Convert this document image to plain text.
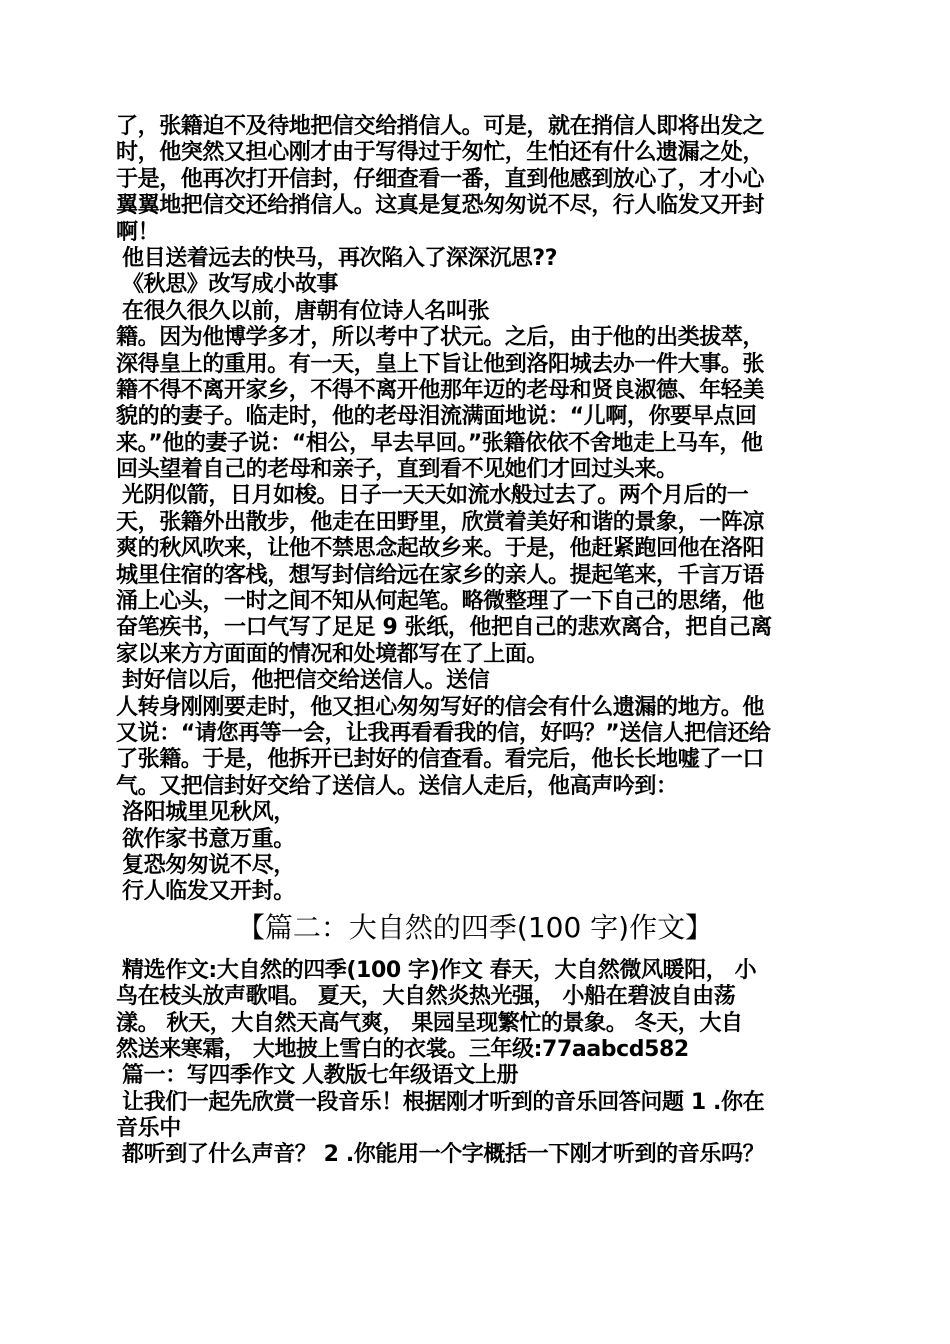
了，张籍迫不及待地把信交给捎信人。可是，就在捎信人即将出发之
时，他突然又担心刚才由于写得过于匆忙，生怕还有什么遗漏之处，
于是，他再次打开信封，仔细查看一番，直到他感到放心了，才小心
翼翼地把信交还给捎信人。这真是复恐匆匆说不尽，行人临发又开封
啊！
他目送着远去的快马，再次陷入了深深沉思??
《秋思》改写成小故事
在很久很久以前，唐朝有位诗人名叫张
籍。因为他博学多才，所以考中了状元。之后，由于他的出类拔萃，
深得皇上的重用。有一天，皇上下旨让他到洛阳城去办一件大事。张
籍不得不离开家乡，不得不离开他那年迈的老母和贤良淑德、年轻美
貌的的妻子。临走时，他的老母泪流满面地说：“儿啊，你要早点回
来。”他的妻子说：“相公，早去早回。”张籍依依不舍地走上马车，他
回头望着自己的老母和亲子，直到看不见她们才回过头来。
光阴似箭，日月如梭。日子一天天如流水般过去了。两个月后的一
天，张籍外出散步，他走在田野里，欣赏着美好和谐的景象，一阵凉
爽的秋风吹来，让他不禁思念起故乡来。于是，他赶紧跑回他在洛阳
城里住宿的客栈，想写封信给远在家乡的亲人。提起笔来，千言万语
涌上心头，一时之间不知从何起笔。略微整理了一下自己的思绪，他
奋笔疾书，一口气写了足足 9 张纸，他把自己的悲欢离合，把自己离
家以来方方面面的情况和处境都写在了上面。
封好信以后，他把信交给送信人。送信
人转身刚刚要走时，他又担心匆匆写好的信会有什么遗漏的地方。他
又说：“请您再等一会，让我再看看我的信，好吗？”送信人把信还给
了张籍。于是，他拆开已封好的信查看。看完后，他长长地嘘了一口
气。又把信封好交给了送信人。送信人走后，他高声吟到：
洛阳城里见秋风，
欲作家书意万重。
复恐匆匆说不尽，
行人临发又开封。
【篇二：大自然的四季(100 字)作文】
精选作文:大自然的四季(100 字)作文 春天，大自然微风暖阳， 小
鸟在枝头放声歌唱。 夏天，大自然炎热光强， 小船在碧波自由荡
漾。 秋天，大自然天高气爽， 果园呈现繁忙的景象。 冬天，大自
然送来寒霜， 大地披上雪白的衣裳。三年级:77aabcd582
篇一：写四季作文 人教版七年级语文上册
让我们一起先欣赏一段音乐！根据刚才听到的音乐回答问题 1 .你在
音乐中
都听到了什么声音？ 2 .你能用一个字概括一下刚才听到的音乐吗？
